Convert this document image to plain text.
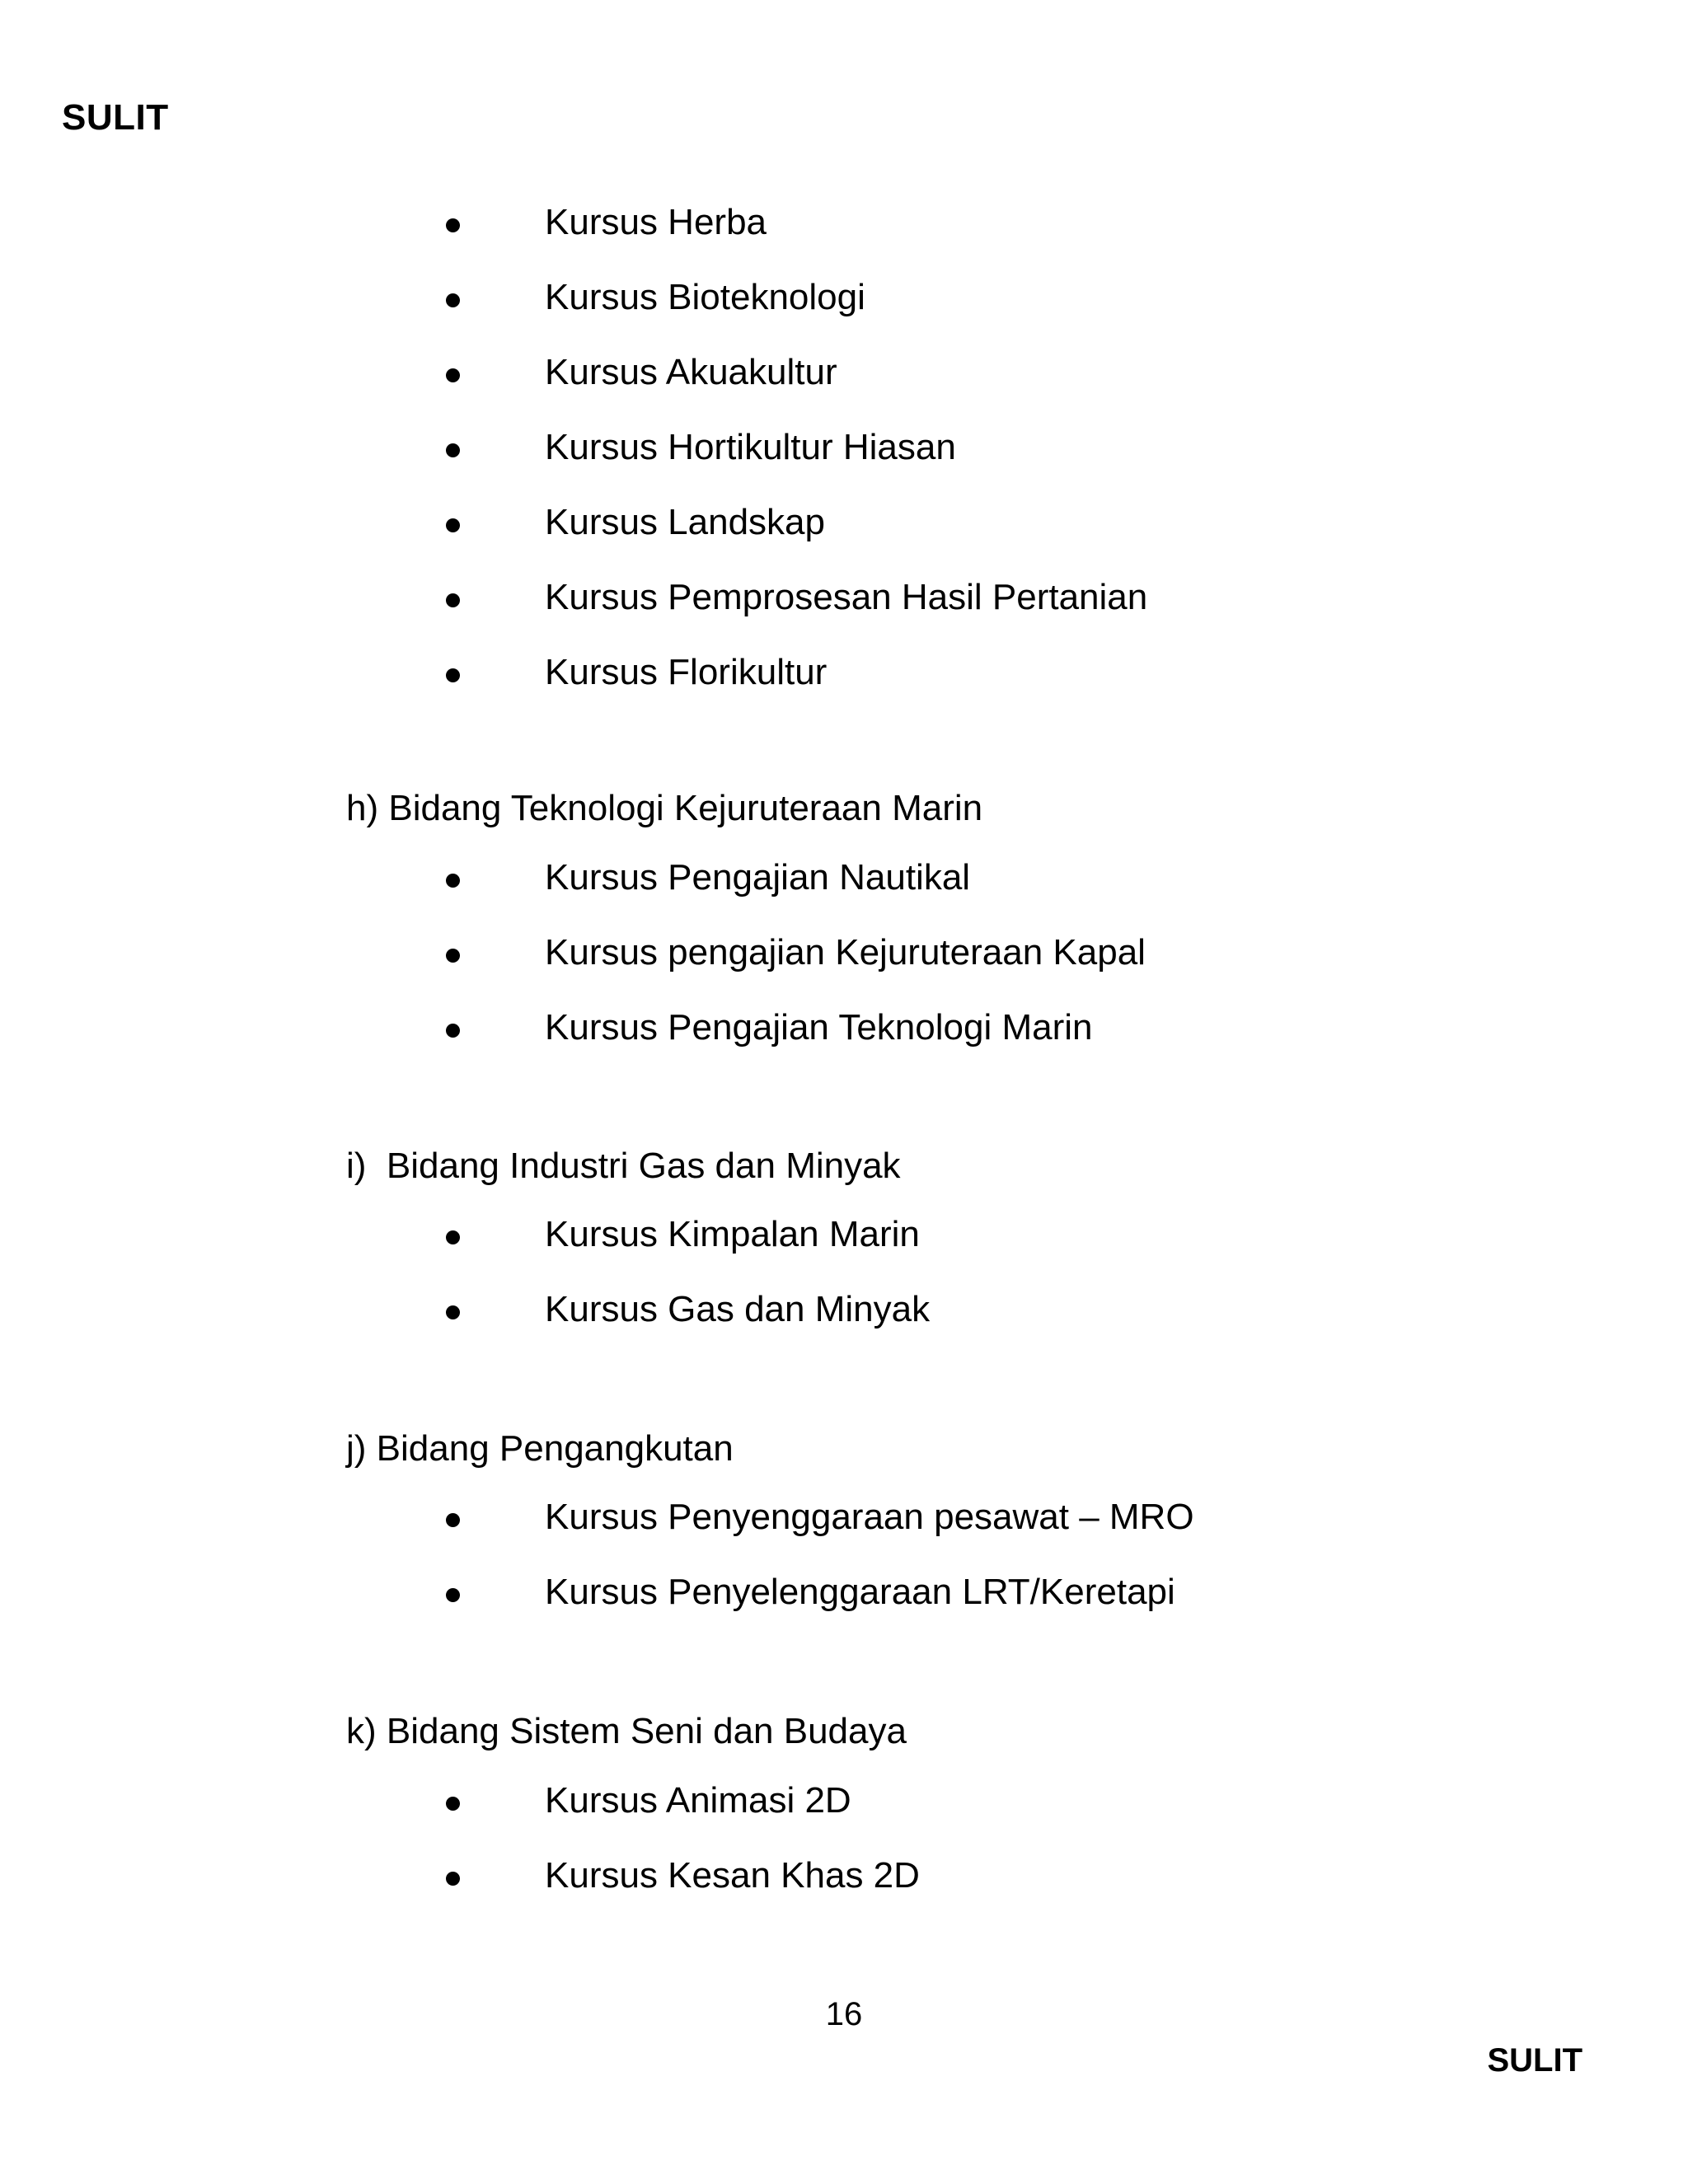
SULIT
Kursus Herba
Kursus Bioteknologi
Kursus Akuakultur
Kursus Hortikultur Hiasan
Kursus Landskap
Kursus Pemprosesan Hasil Pertanian
Kursus Florikultur
h) Bidang Teknologi Kejuruteraan Marin
Kursus Pengajian Nautikal
Kursus pengajian Kejuruteraan Kapal
Kursus Pengajian Teknologi Marin
i) Bidang Industri Gas dan Minyak
Kursus Kimpalan Marin
Kursus Gas dan Minyak
j) Bidang Pengangkutan
Kursus Penyenggaraan pesawat – MRO
Kursus Penyelenggaraan LRT/Keretapi
k) Bidang Sistem Seni dan Budaya
Kursus Animasi 2D
Kursus Kesan Khas 2D
16
SULIT
